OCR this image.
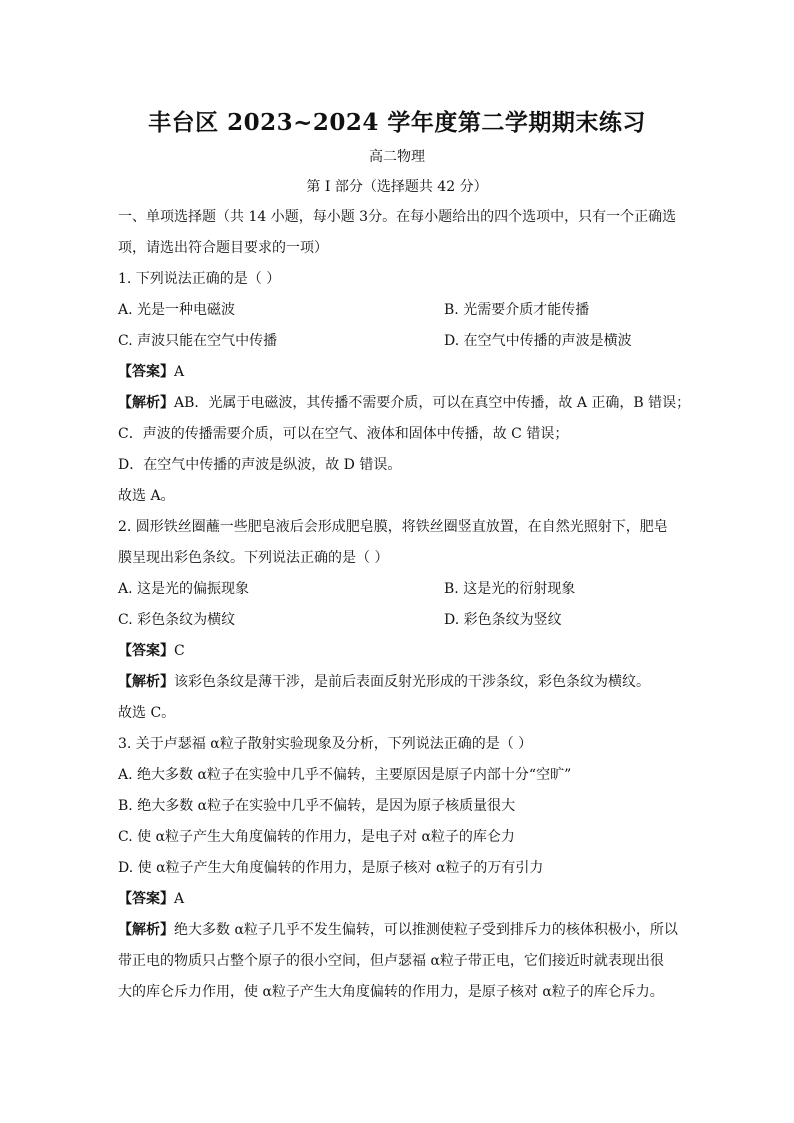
丰台区 2023~2024 学年度第二学期期末练习
高二物理
第 I 部分（选择题共 42 分）
一、单项选择题（共 14 小题，每小题 3分。在每小题给出的四个选项中，只有一个正确选
项，请选出符合题目要求的一项）
1. 下列说法正确的是（ ）
A. 光是一种电磁波	B. 光需要介质才能传播
C. 声波只能在空气中传播	D. 在空气中传播的声波是横波
【答案】A
【解析】AB．光属于电磁波，其传播不需要介质，可以在真空中传播，故 A 正确，B 错误；
C．声波的传播需要介质，可以在空气、液体和固体中传播，故 C 错误；
D．在空气中传播的声波是纵波，故 D 错误。
故选 A。
2. 圆形铁丝圈蘸一些肥皂液后会形成肥皂膜，将铁丝圈竖直放置，在自然光照射下，肥皂
膜呈现出彩色条纹。下列说法正确的是（ ）
A. 这是光的偏振现象	B. 这是光的衍射现象
C. 彩色条纹为横纹	D. 彩色条纹为竖纹
【答案】C
【解析】该彩色条纹是薄干涉，是前后表面反射光形成的干涉条纹，彩色条纹为横纹。
故选 C。
3. 关于卢瑟福 α粒子散射实验现象及分析，下列说法正确的是（ ）
A. 绝大多数 α粒子在实验中几乎不偏转，主要原因是原子内部十分“空旷”
B. 绝大多数 α粒子在实验中几乎不偏转，是因为原子核质量很大
C. 使 α粒子产生大角度偏转的作用力，是电子对 α粒子的库仑力
D. 使 α粒子产生大角度偏转的作用力，是原子核对 α粒子的万有引力
【答案】A
【解析】绝大多数 α粒子几乎不发生偏转，可以推测使粒子受到排斥力的核体积极小，所以
带正电的物质只占整个原子的很小空间，但卢瑟福 α粒子带正电，它们接近时就表现出很
大的库仑斥力作用，使 α粒子产生大角度偏转的作用力，是原子核对 α粒子的库仑斥力。
